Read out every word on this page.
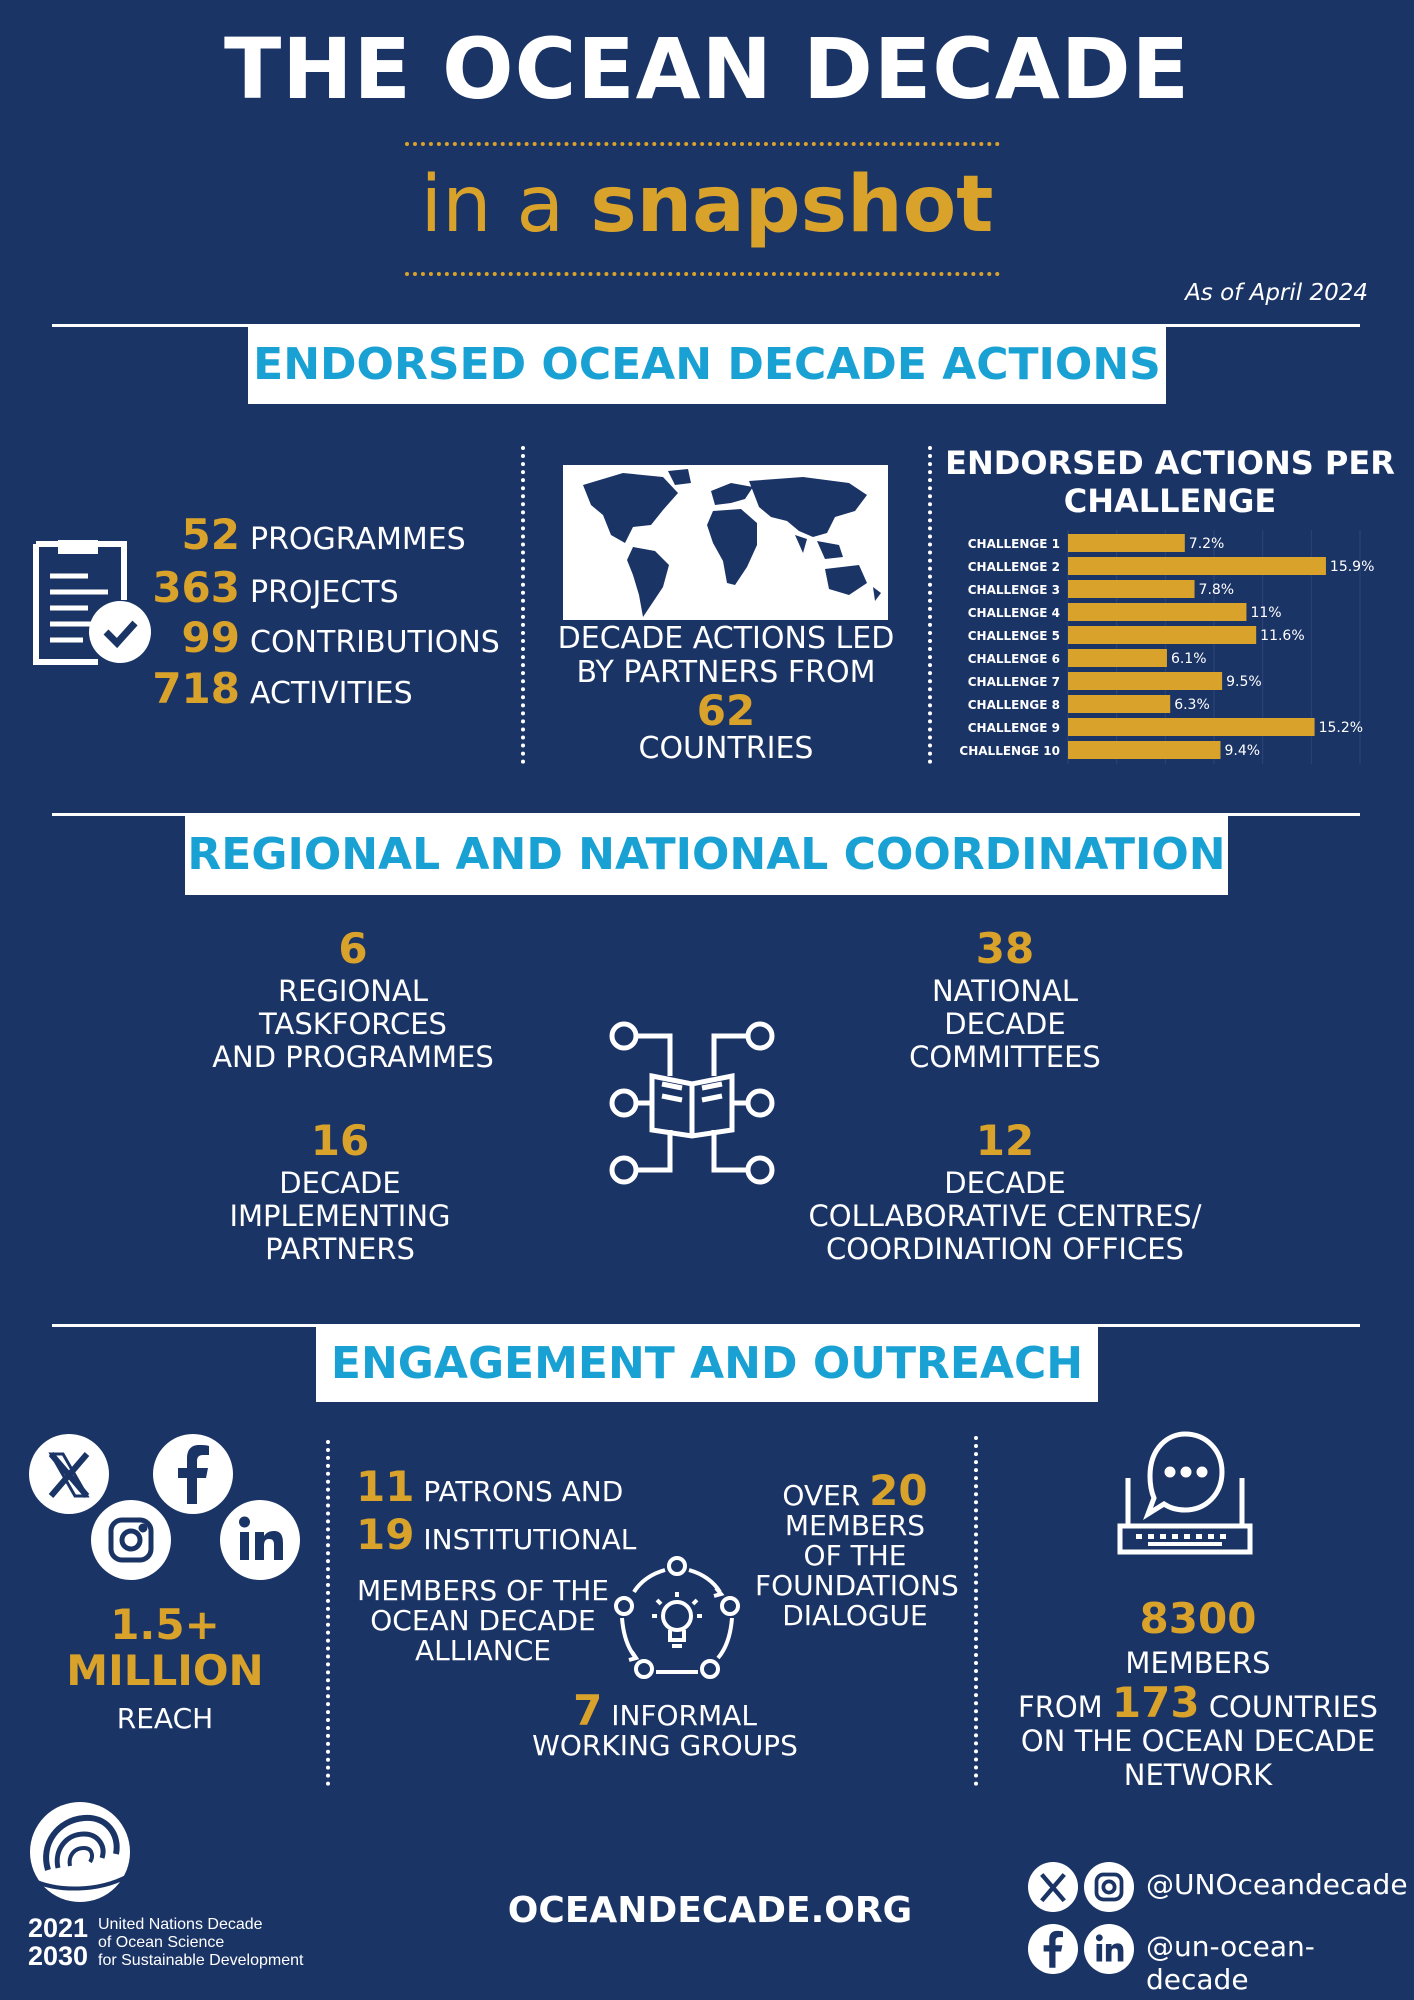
THE OCEAN DECADE
in a snapshot
As of April 2024
ENDORSED OCEAN DECADE ACTIONS
52 PROGRAMMES
363 PROJECTS
99 CONTRIBUTIONS
718 ACTIVITIES
DECADE ACTIONS LED
BY PARTNERS FROM
62
COUNTRIES
ENDORSED ACTIONS PER CHALLENGE
CHALLENGE 1	7.2%
CHALLENGE 2	15.9%
CHALLENGE 3	7.8%
CHALLENGE 4	11%
CHALLENGE 5	11.6%
CHALLENGE 6	6.1%
CHALLENGE 7	9.5%
CHALLENGE 8	6.3%
CHALLENGE 9	15.2%
CHALLENGE 10	9.4%
REGIONAL AND NATIONAL COORDINATION
6
REGIONAL
TASKFORCES
AND PROGRAMMES
38
NATIONAL
DECADE
COMMITTEES
16
DECADE
IMPLEMENTING
PARTNERS
12
DECADE
COLLABORATIVE CENTRES/
COORDINATION OFFICES
ENGAGEMENT AND OUTREACH
1.5+
MILLION
REACH
11 PATRONS AND
19 INSTITUTIONAL
MEMBERS OF THE
OCEAN DECADE
ALLIANCE
OVER 20
MEMBERS
OF THE
FOUNDATIONS
DIALOGUE
7 INFORMAL
WORKING GROUPS
8300
MEMBERS
FROM 173 COUNTRIES
ON THE OCEAN DECADE
NETWORK
2021
2030
United Nations Decade
of Ocean Science
for Sustainable Development
OCEANDECADE.ORG
@UNOceandecade
@un-ocean-decade
